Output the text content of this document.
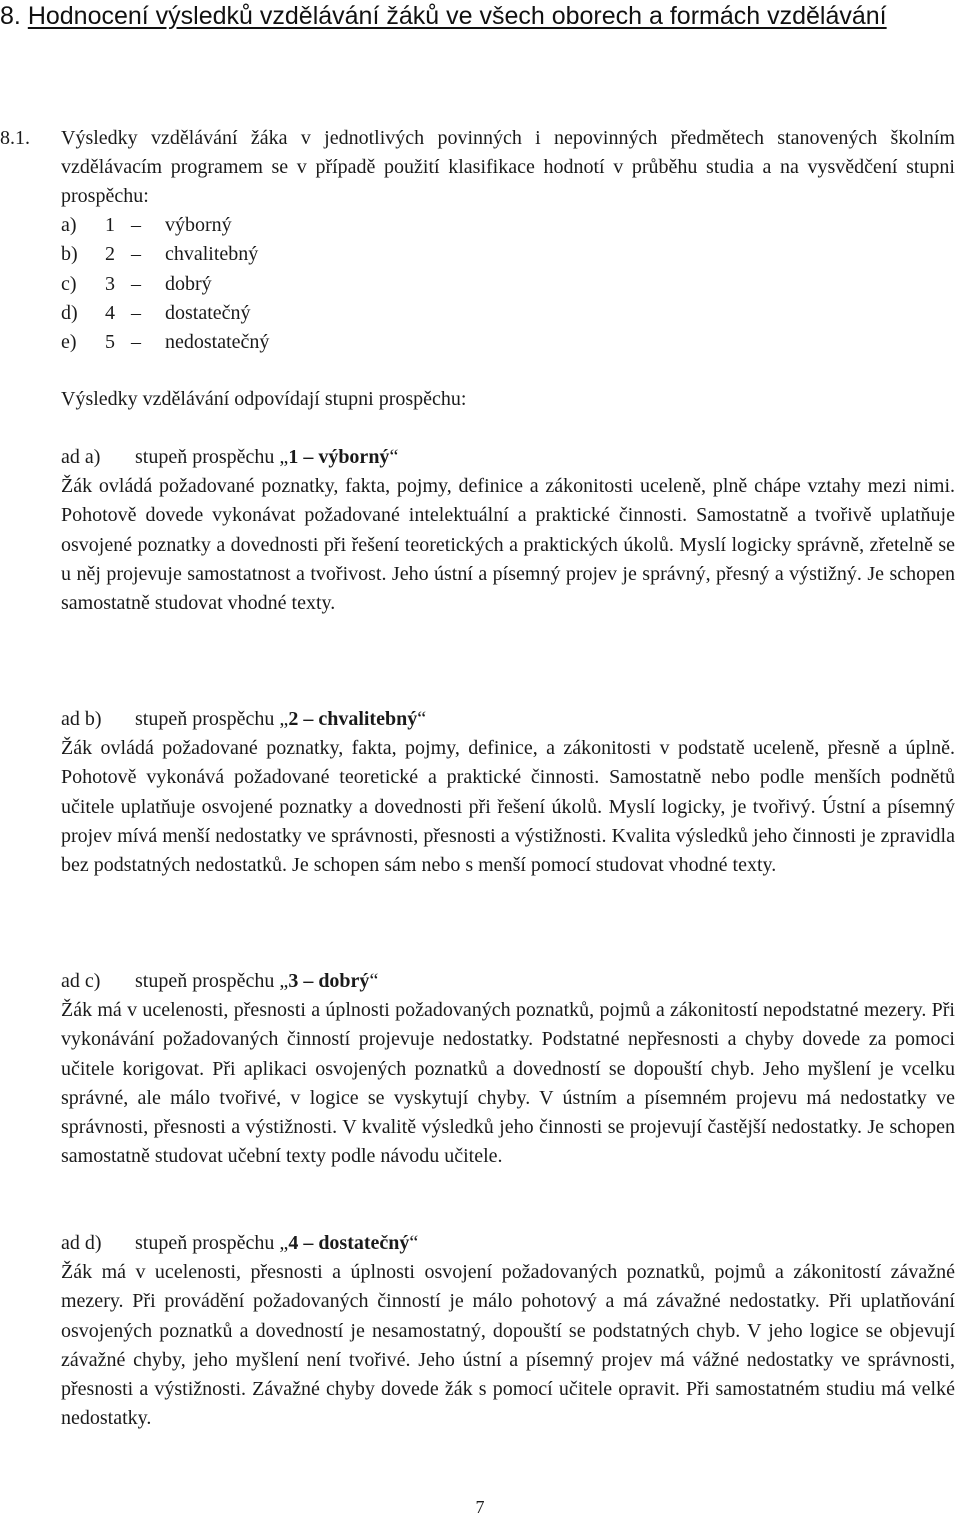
8. Hodnocení výsledků vzdělávání žáků ve všech oborech a formách vzdělávání
8.1. Výsledky vzdělávání žáka v jednotlivých povinných i nepovinných předmětech stanovených školním vzdělávacím programem se v případě použití klasifikace hodnotí v průběhu studia a na vysvědčení stupni prospěchu:
a) 1 – výborný
b) 2 – chvalitebný
c) 3 – dobrý
d) 4 – dostatečný
e) 5 – nedostatečný
Výsledky vzdělávání odpovídají stupni prospěchu:
ad a) stupeň prospěchu „1 – výborný“

Žák ovládá požadované poznatky, fakta, pojmy, definice a zákonitosti uceleně, plně chápe vztahy mezi nimi. Pohotově dovede vykonávat požadované intelektuální a praktické činnosti. Samostatně a tvořivě uplatňuje osvojené poznatky a dovednosti při řešení teoretických a praktických úkolů. Myslí logicky správně, zřetelně se u něj projevuje samostatnost a tvořivost. Jeho ústní a písemný projev je správný, přesný a výstižný. Je schopen samostatně studovat vhodné texty.

ad b) stupeň prospěchu „2 – chvalitebný“

Žák ovládá požadované poznatky, fakta, pojmy, definice, a zákonitosti v podstatě uceleně, přesně a úplně. Pohotově vykonává požadované teoretické a praktické činnosti. Samostatně nebo podle menších podnětů učitele uplatňuje osvojené poznatky a dovednosti při řešení úkolů. Myslí logicky, je tvořivý. Ústní a písemný projev mívá menší nedostatky ve správnosti, přesnosti a výstižnosti. Kvalita výsledků jeho činnosti je zpravidla bez podstatných nedostatků. Je schopen sám nebo s menší pomocí studovat vhodné texty.

ad c) stupeň prospěchu „3 – dobrý“

Žák má v ucelenosti, přesnosti a úplnosti požadovaných poznatků, pojmů a zákonitostí nepodstatné mezery. Při vykonávání požadovaných činností projevuje nedostatky. Podstatné nepřesnosti a chyby dovede za pomoci učitele korigovat. Při aplikaci osvojených poznatků a dovedností se dopouští chyb. Jeho myšlení je vcelku správné, ale málo tvořivé, v logice se vyskytují chyby. V ústním a písemném projevu má nedostatky ve správnosti, přesnosti a výstižnosti. V kvalitě výsledků jeho činnosti se projevují častější nedostatky. Je schopen samostatně studovat učební texty podle návodu učitele.

ad d) stupeň prospěchu „4 – dostatečný“

Žák má v ucelenosti, přesnosti a úplnosti osvojení požadovaných poznatků, pojmů a zákonitostí závažné mezery. Při provádění požadovaných činností je málo pohotový a má závažné nedostatky. Při uplatňování osvojených poznatků a dovedností je nesamostatný, dopouští se podstatných chyb. V jeho logice se objevují závažné chyby, jeho myšlení není tvořivé. Jeho ústní a písemný projev má vážné nedostatky ve správnosti, přesnosti a výstižnosti. Závažné chyby dovede žák s pomocí učitele opravit. Při samostatném studiu má velké nedostatky.

7
